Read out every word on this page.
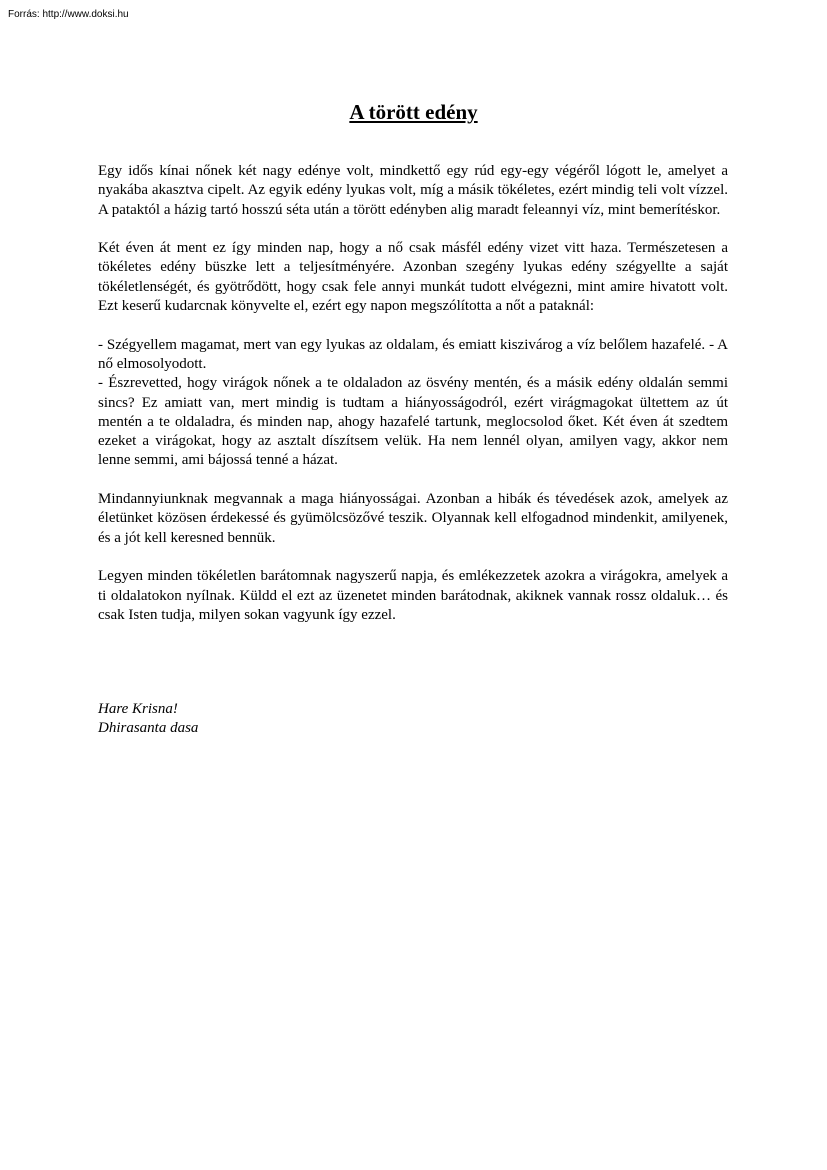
Forrás: http://www.doksi.hu
A törött edény

Egy idős kínai nőnek két nagy edénye volt, mindkettő egy rúd egy-egy végéről lógott le, amelyet a nyakába akasztva cipelt. Az egyik edény lyukas volt, míg a másik tökéletes, ezért mindig teli volt vízzel. A pataktól a házig tartó hosszú séta után a törött edényben alig maradt feleannyi víz, mint bemerítéskor.

Két éven át ment ez így minden nap, hogy a nő csak másfél edény vizet vitt haza. Természetesen a tökéletes edény büszke lett a teljesítményére. Azonban szegény lyukas edény szégyellte a saját tökéletlenségét, és gyötrődött, hogy csak fele annyi munkát tudott elvégezni, mint amire hivatott volt. Ezt keserű kudarcnak könyvelte el, ezért egy napon megszólította a nőt a pataknál:

- Szégyellem magamat, mert van egy lyukas az oldalam, és emiatt kiszivárog a víz belőlem hazafelé. - A nő elmosolyodott.
- Észrevetted, hogy virágok nőnek a te oldaladon az ösvény mentén, és a másik edény oldalán semmi sincs? Ez amiatt van, mert mindig is tudtam a hiányosságodról, ezért virágmagokat ültettem az út mentén a te oldaladra, és minden nap, ahogy hazafelé tartunk, meglocsolod őket. Két éven át szedtem ezeket a virágokat, hogy az asztalt díszítsem velük. Ha nem lennél olyan, amilyen vagy, akkor nem lenne semmi, ami bájossá tenné a házat.

Mindannyiunknak megvannak a maga hiányosságai. Azonban a hibák és tévedések azok, amelyek az életünket közösen érdekessé és gyümölcsözővé teszik. Olyannak kell elfogadnod mindenkit, amilyenek, és a jót kell keresned bennük.

Legyen minden tökéletlen barátomnak nagyszerű napja, és emlékezzetek azokra a virágokra, amelyek a ti oldalatokon nyílnak. Küldd el ezt az üzenetet minden barátodnak, akiknek vannak rossz oldaluk… és csak Isten tudja, milyen sokan vagyunk így ezzel.

Hare Krisna!
Dhirasanta dasa
